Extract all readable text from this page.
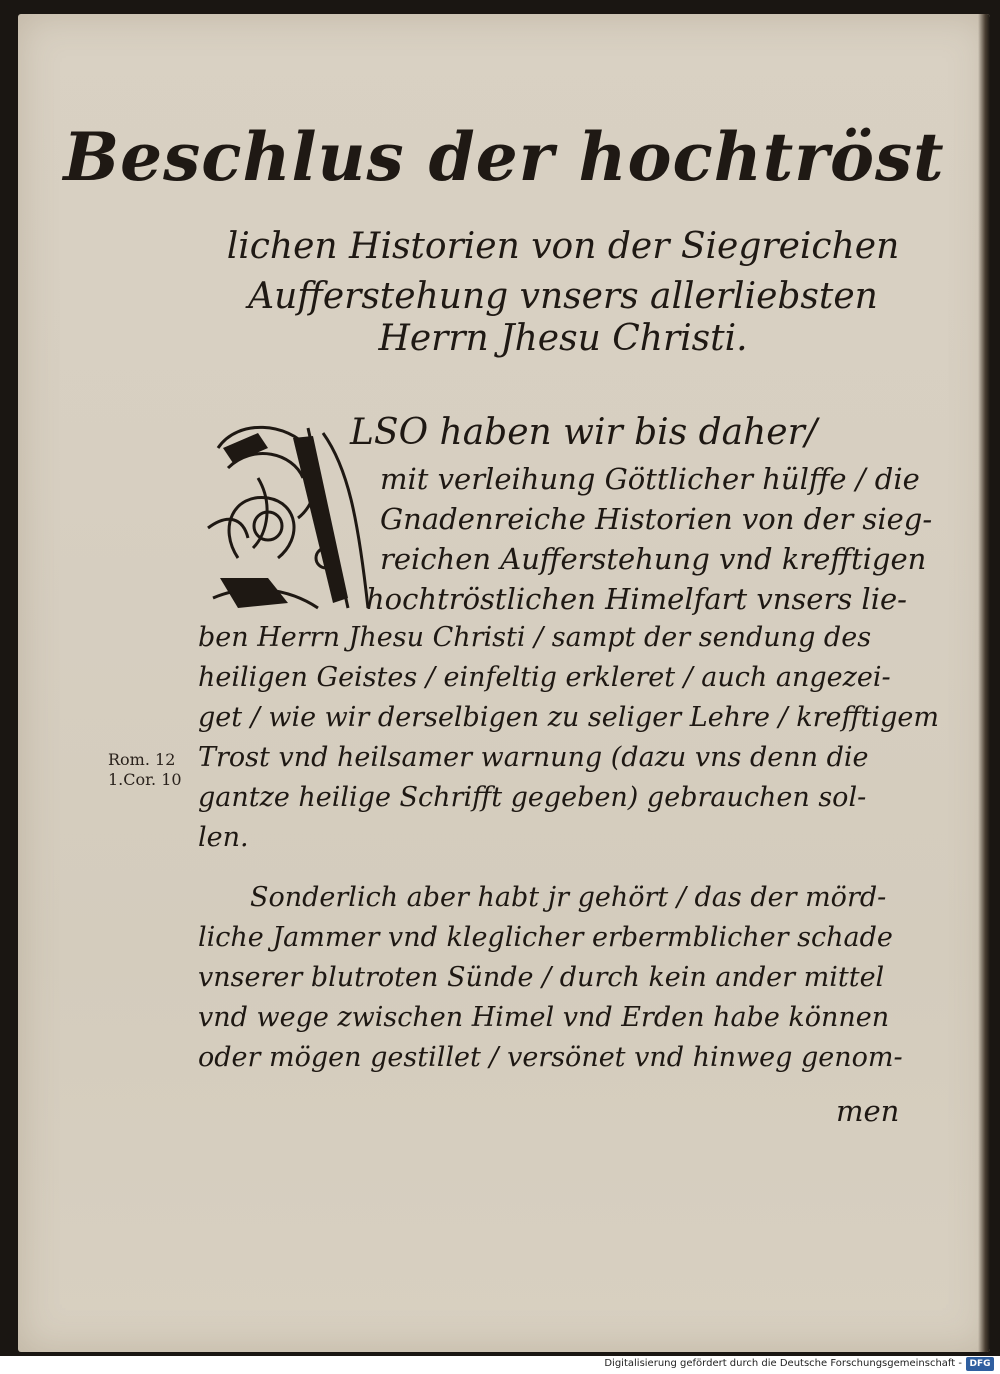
Beschlus der hochtröst
lichen Historien von der Siegreichen
Aufferstehung vnsers allerliebsten
Herrn Jhesu Christi.
LSO haben wir bis daher/
mit verleihung Göttlicher hülffe / die
Gnadenreiche Historien von der sieg-
reichen Aufferstehung vnd krefftigen
hochtröstlichen Himelfart vnsers lie-
ben Herrn Jhesu Christi / sampt der sendung des
heiligen Geistes / einfeltig erkleret / auch angezei-
get / wie wir derselbigen zu seliger Lehre / krefftigem
Trost vnd heilsamer warnung (dazu vns denn die
gantze heilige Schrifft gegeben) gebrauchen sol-
len.
Rom. 12
1.Cor. 10
Sonderlich aber habt jr gehört / das der mörd-
liche Jammer vnd kleglicher erbermblicher schade
vnserer blutroten Sünde / durch kein ander mittel
vnd wege zwischen Himel vnd Erden habe können
oder mögen gestillet / versönet vnd hinweg genom-
men
Digitalisierung gefördert durch die Deutsche Forschungsgemeinschaft - DFG
